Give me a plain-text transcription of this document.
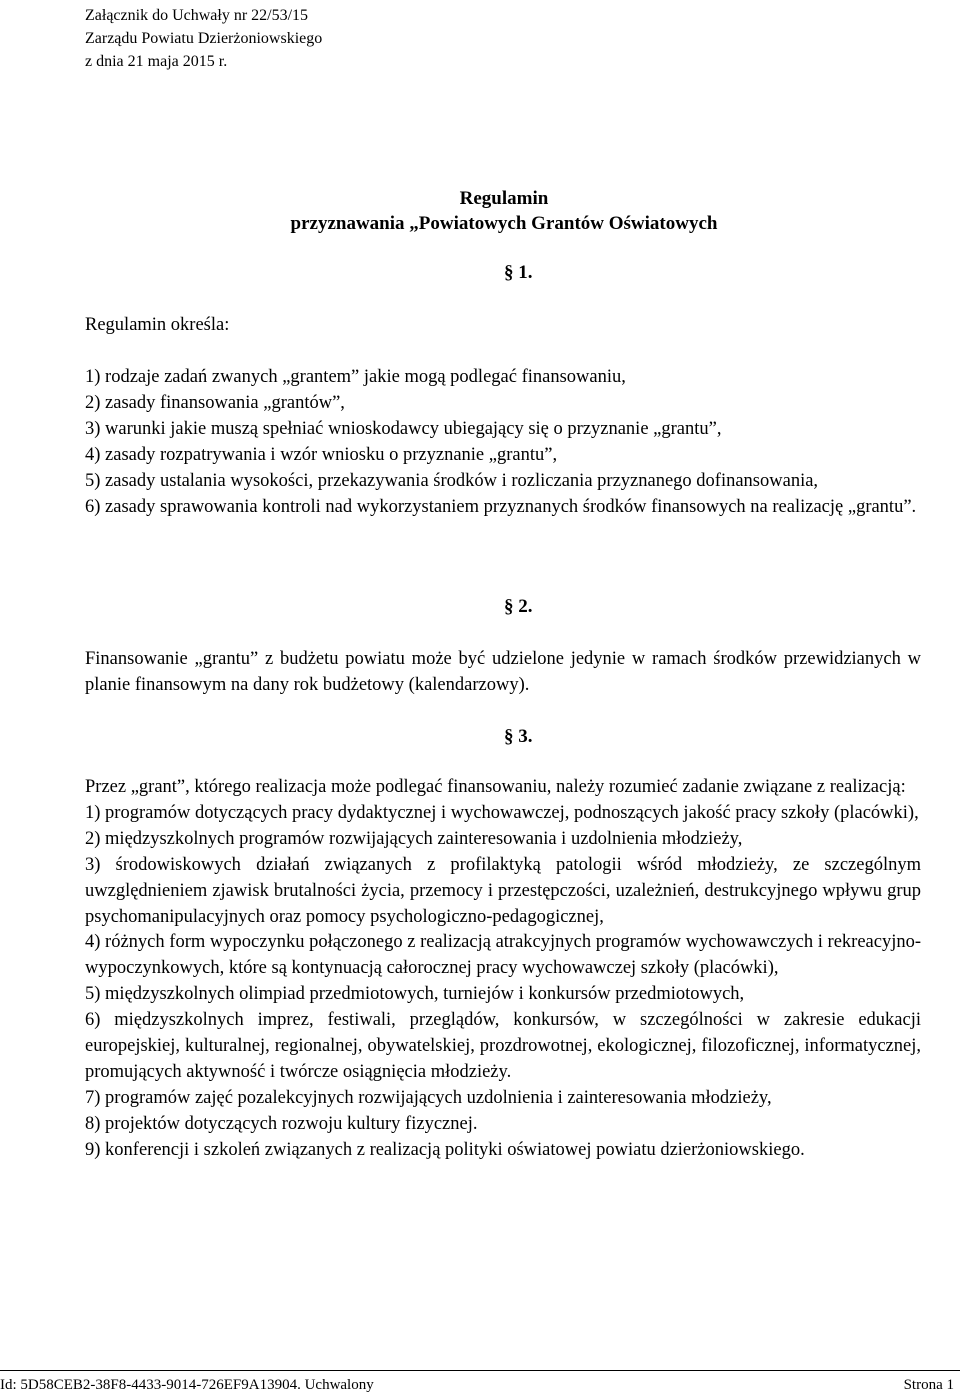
Załącznik do Uchwały nr 22/53/15
Zarządu Powiatu Dzierżoniowskiego
z dnia 21 maja 2015 r.
Regulamin
przyznawania „Powiatowych Grantów Oświatowych
§ 1.
Regulamin określa:
1) rodzaje zadań zwanych „grantem” jakie mogą podlegać finansowaniu,
2) zasady finansowania „grantów”,
3) warunki jakie muszą spełniać wnioskodawcy ubiegający się o przyznanie „grantu”,
4) zasady rozpatrywania i wzór wniosku o przyznanie „grantu”,
5) zasady ustalania wysokości, przekazywania środków i rozliczania przyznanego dofinansowania,
6) zasady sprawowania kontroli nad wykorzystaniem przyznanych środków finansowych na realizację „grantu”.
§ 2.
Finansowanie „grantu” z budżetu powiatu może być udzielone jedynie w ramach środków przewidzianych w planie finansowym na dany rok budżetowy (kalendarzowy).
§ 3.
Przez „grant”, którego realizacja może podlegać finansowaniu, należy rozumieć zadanie związane z realizacją:
1) programów dotyczących pracy dydaktycznej i wychowawczej, podnoszących jakość pracy szkoły (placówki),
2) międzyszkolnych programów rozwijających zainteresowania i uzdolnienia młodzieży,
3) środowiskowych działań związanych z profilaktyką patologii wśród młodzieży, ze szczególnym uwzględnieniem zjawisk brutalności życia, przemocy i przestępczości, uzależnień, destrukcyjnego wpływu grup psychomanipulacyjnych oraz pomocy psychologiczno-pedagogicznej,
4) różnych form wypoczynku połączonego z realizacją atrakcyjnych programów wychowawczych i rekreacyjno-wypoczynkowych, które są kontynuacją całorocznej pracy wychowawczej szkoły (placówki),
5) międzyszkolnych olimpiad przedmiotowych, turniejów i konkursów przedmiotowych,
6) międzyszkolnych imprez, festiwali, przeglądów, konkursów, w szczególności w zakresie edukacji europejskiej, kulturalnej, regionalnej, obywatelskiej, prozdrowotnej, ekologicznej, filozoficznej, informatycznej, promujących aktywność i twórcze osiągnięcia młodzieży.
7) programów zajęć pozalekcyjnych rozwijających uzdolnienia i zainteresowania młodzieży,
8) projektów dotyczących rozwoju kultury fizycznej.
9) konferencji i szkoleń związanych z realizacją polityki oświatowej powiatu dzierżoniowskiego.
Id: 5D58CEB2-38F8-4433-9014-726EF9A13904. Uchwalony	Strona 1
